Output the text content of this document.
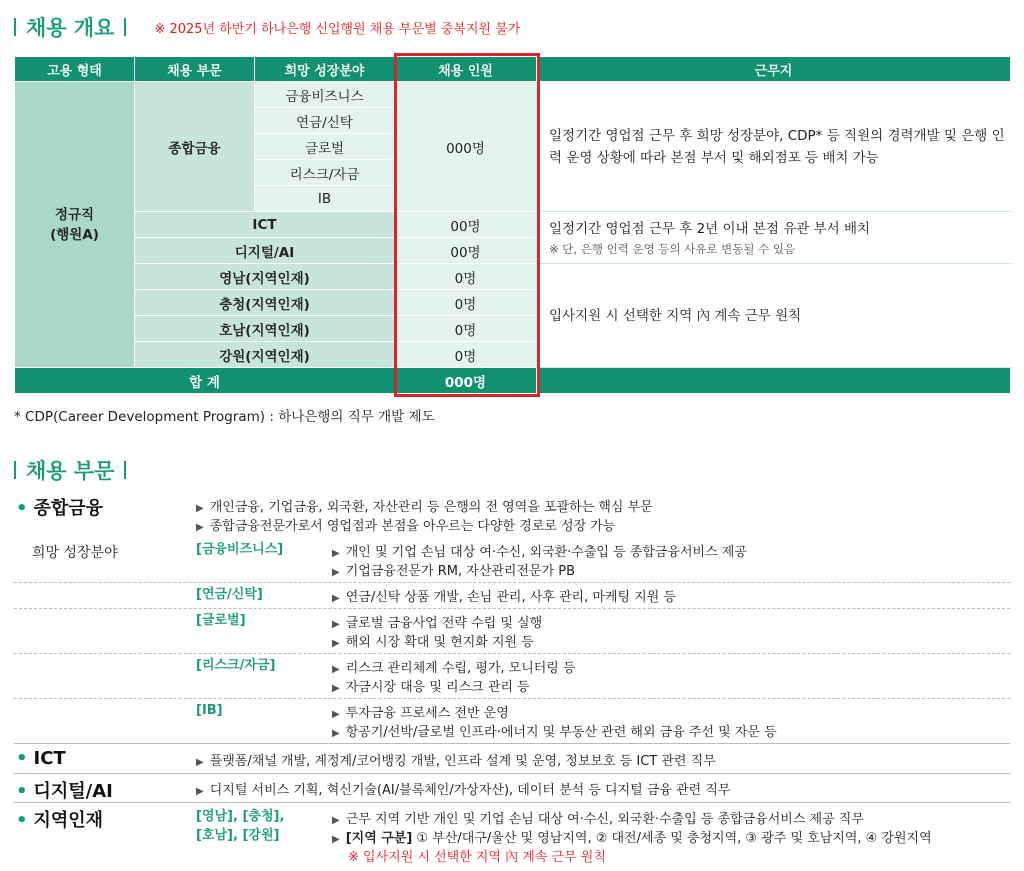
채용 개요	※ 2025년 하반기 하나은행 신입행원 채용 부문별 중복지원 불가
고용 형태	채용 부문	희망 성장분야	채용 인원	근무지

정규직
(행원A)	종합금융	금융비즈니스	000명	일정기간 영업점 근무 후 희망 성장분야, CDP* 등 직원의 경력개발 및 은행 인력 운영 상황에 따라 본점 부서 및 해외점포 등 배치 가능
		연금/신탁		
		글로벌		
		리스크/자금		
		IB		
	ICT		00명	일정기간 영업점 근무 후 2년 이내 본점 유관 부서 배치
※ 단, 은행 인력 운영 등의 사유로 변동될 수 있음

	디지털/AI		00명	
	영남(지역인재)		0명	입사지원 시 선택한 지역 內 계속 근무 원칙
	충청(지역인재)		0명	
	호남(지역인재)		0명	
	강원(지역인재)		0명	
합 계			000명	
* CDP(Career Development Program) : 하나은행의 직무 개발 제도
채용 부문
• 종합금융	▶ 개인금융, 기업금융, 외국환, 자산관리 등 은행의 전 영역을 포괄하는 핵심 부문
▶ 종합금융전문가로서 영업점과 본점을 아우르는 다양한 경로로 성장 가능
희망 성장분야	[금융비즈니스]	▶ 개인 및 기업 손님 대상 여·수신, 외국환·수출입 등 종합금융서비스 제공
▶ 기업금융전문가 RM, 자산관리전문가 PB
[연금/신탁]	▶ 연금/신탁 상품 개발, 손님 관리, 사후 관리, 마케팅 지원 등
[글로벌]	▶ 글로벌 금융사업 전략 수립 및 실행
▶ 해외 시장 확대 및 현지화 지원 등
[리스크/자금]	▶ 리스크 관리체계 수립, 평가, 모니터링 등
▶ 자금시장 대응 및 리스크 관리 등
[IB]	▶ 투자금융 프로세스 전반 운영
▶ 항공기/선박/글로벌 인프라·에너지 및 부동산 관련 해외 금융 주선 및 자문 등
• ICT	▶ 플랫폼/채널 개발, 계정계/코어뱅킹 개발, 인프라 설계 및 운영, 정보보호 등 ICT 관련 직무
• 디지털/AI	▶ 디지털 서비스 기획, 혁신기술(AI/블록체인/가상자산), 데이터 분석 등 디지털 금융 관련 직무
• 지역인재	[영남], [충청],
[호남], [강원]
▶ 근무 지역 기반 개인 및 기업 손님 대상 여·수신, 외국환·수출입 등 종합금융서비스 제공 직무
▶ [지역 구분] ① 부산/대구/울산 및 영남지역, ② 대전/세종 및 충청지역, ③ 광주 및 호남지역, ④ 강원지역
※ 입사지원 시 선택한 지역 內 계속 근무 원칙
